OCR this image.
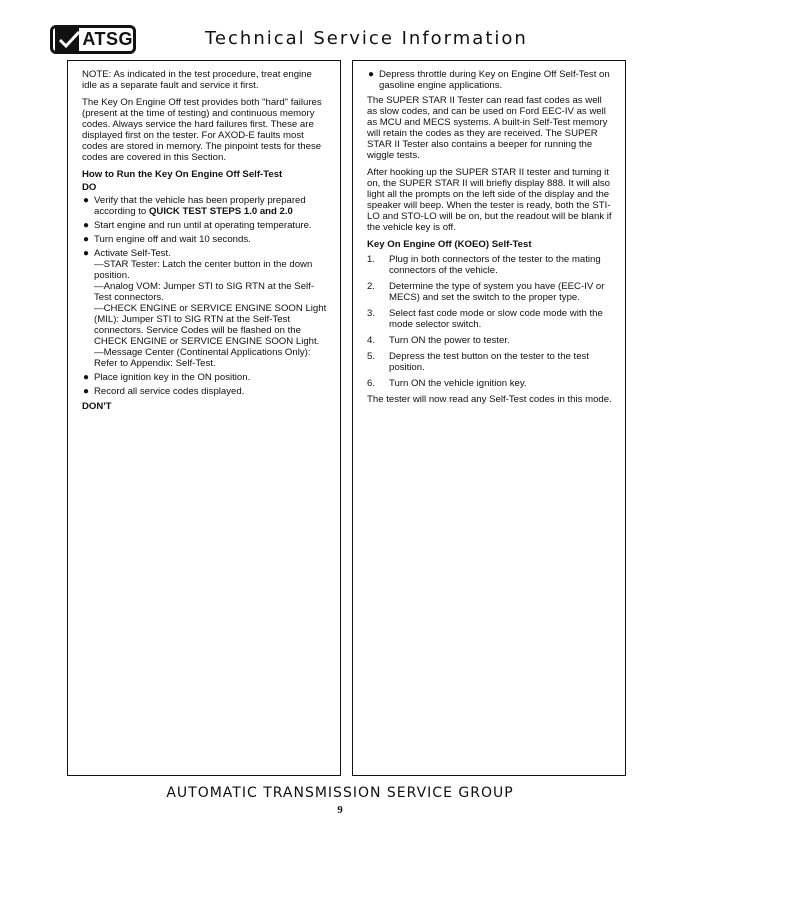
ATSG	Technical Service Information

NOTE: As indicated in the test procedure, treat engine idle as a separate fault and service it first.

The Key On Engine Off test provides both "hard" failures (present at the time of testing) and continuous memory codes. Always service the hard failures first. These are displayed first on the tester. For AXOD-E faults most codes are stored in memory. The pinpoint tests for these codes are covered in this Section.

How to Run the Key On Engine Off Self-Test
DO
● Verify that the vehicle has been properly prepared according to QUICK TEST STEPS 1.0 and 2.0
● Start engine and run until at operating temperature.
● Turn engine off and wait 10 seconds.
● Activate Self-Test.
—STAR Tester: Latch the center button in the down position.
—Analog VOM: Jumper STI to SIG RTN at the Self-Test connectors.
—CHECK ENGINE or SERVICE ENGINE SOON Light (MIL): Jumper STI to SIG RTN at the Self-Test connectors. Service Codes will be flashed on the CHECK ENGINE or SERVICE ENGINE SOON Light.
—Message Center (Continental Applications Only): Refer to Appendix: Self-Test.
● Place ignition key in the ON position.
● Record all service codes displayed.
DON'T
● Depress throttle during Key on Engine Off Self-Test on gasoline engine applications.

The SUPER STAR II Tester can read fast codes as well as slow codes, and can be used on Ford EEC-IV as well as MCU and MECS systems. A built-in Self-Test memory will retain the codes as they are received. The SUPER STAR II Tester also contains a beeper for running the wiggle tests.

After hooking up the SUPER STAR II tester and turning it on, the SUPER STAR II will briefly display 888. It will also light all the prompts on the left side of the display and the speaker will beep. When the tester is ready, both the STI-LO and STO-LO will be on, but the readout will be blank if the vehicle key is off.

Key On Engine Off (KOEO) Self-Test
1. Plug in both connectors of the tester to the mating connectors of the vehicle.
2. Determine the type of system you have (EEC-IV or MECS) and set the switch to the proper type.
3. Select fast code mode or slow code mode with the mode selector switch.
4. Turn ON the power to tester.
5. Depress the test button on the tester to the test position.
6. Turn ON the vehicle ignition key.

The tester will now read any Self-Test codes in this mode.

AUTOMATIC TRANSMISSION SERVICE GROUP
9
